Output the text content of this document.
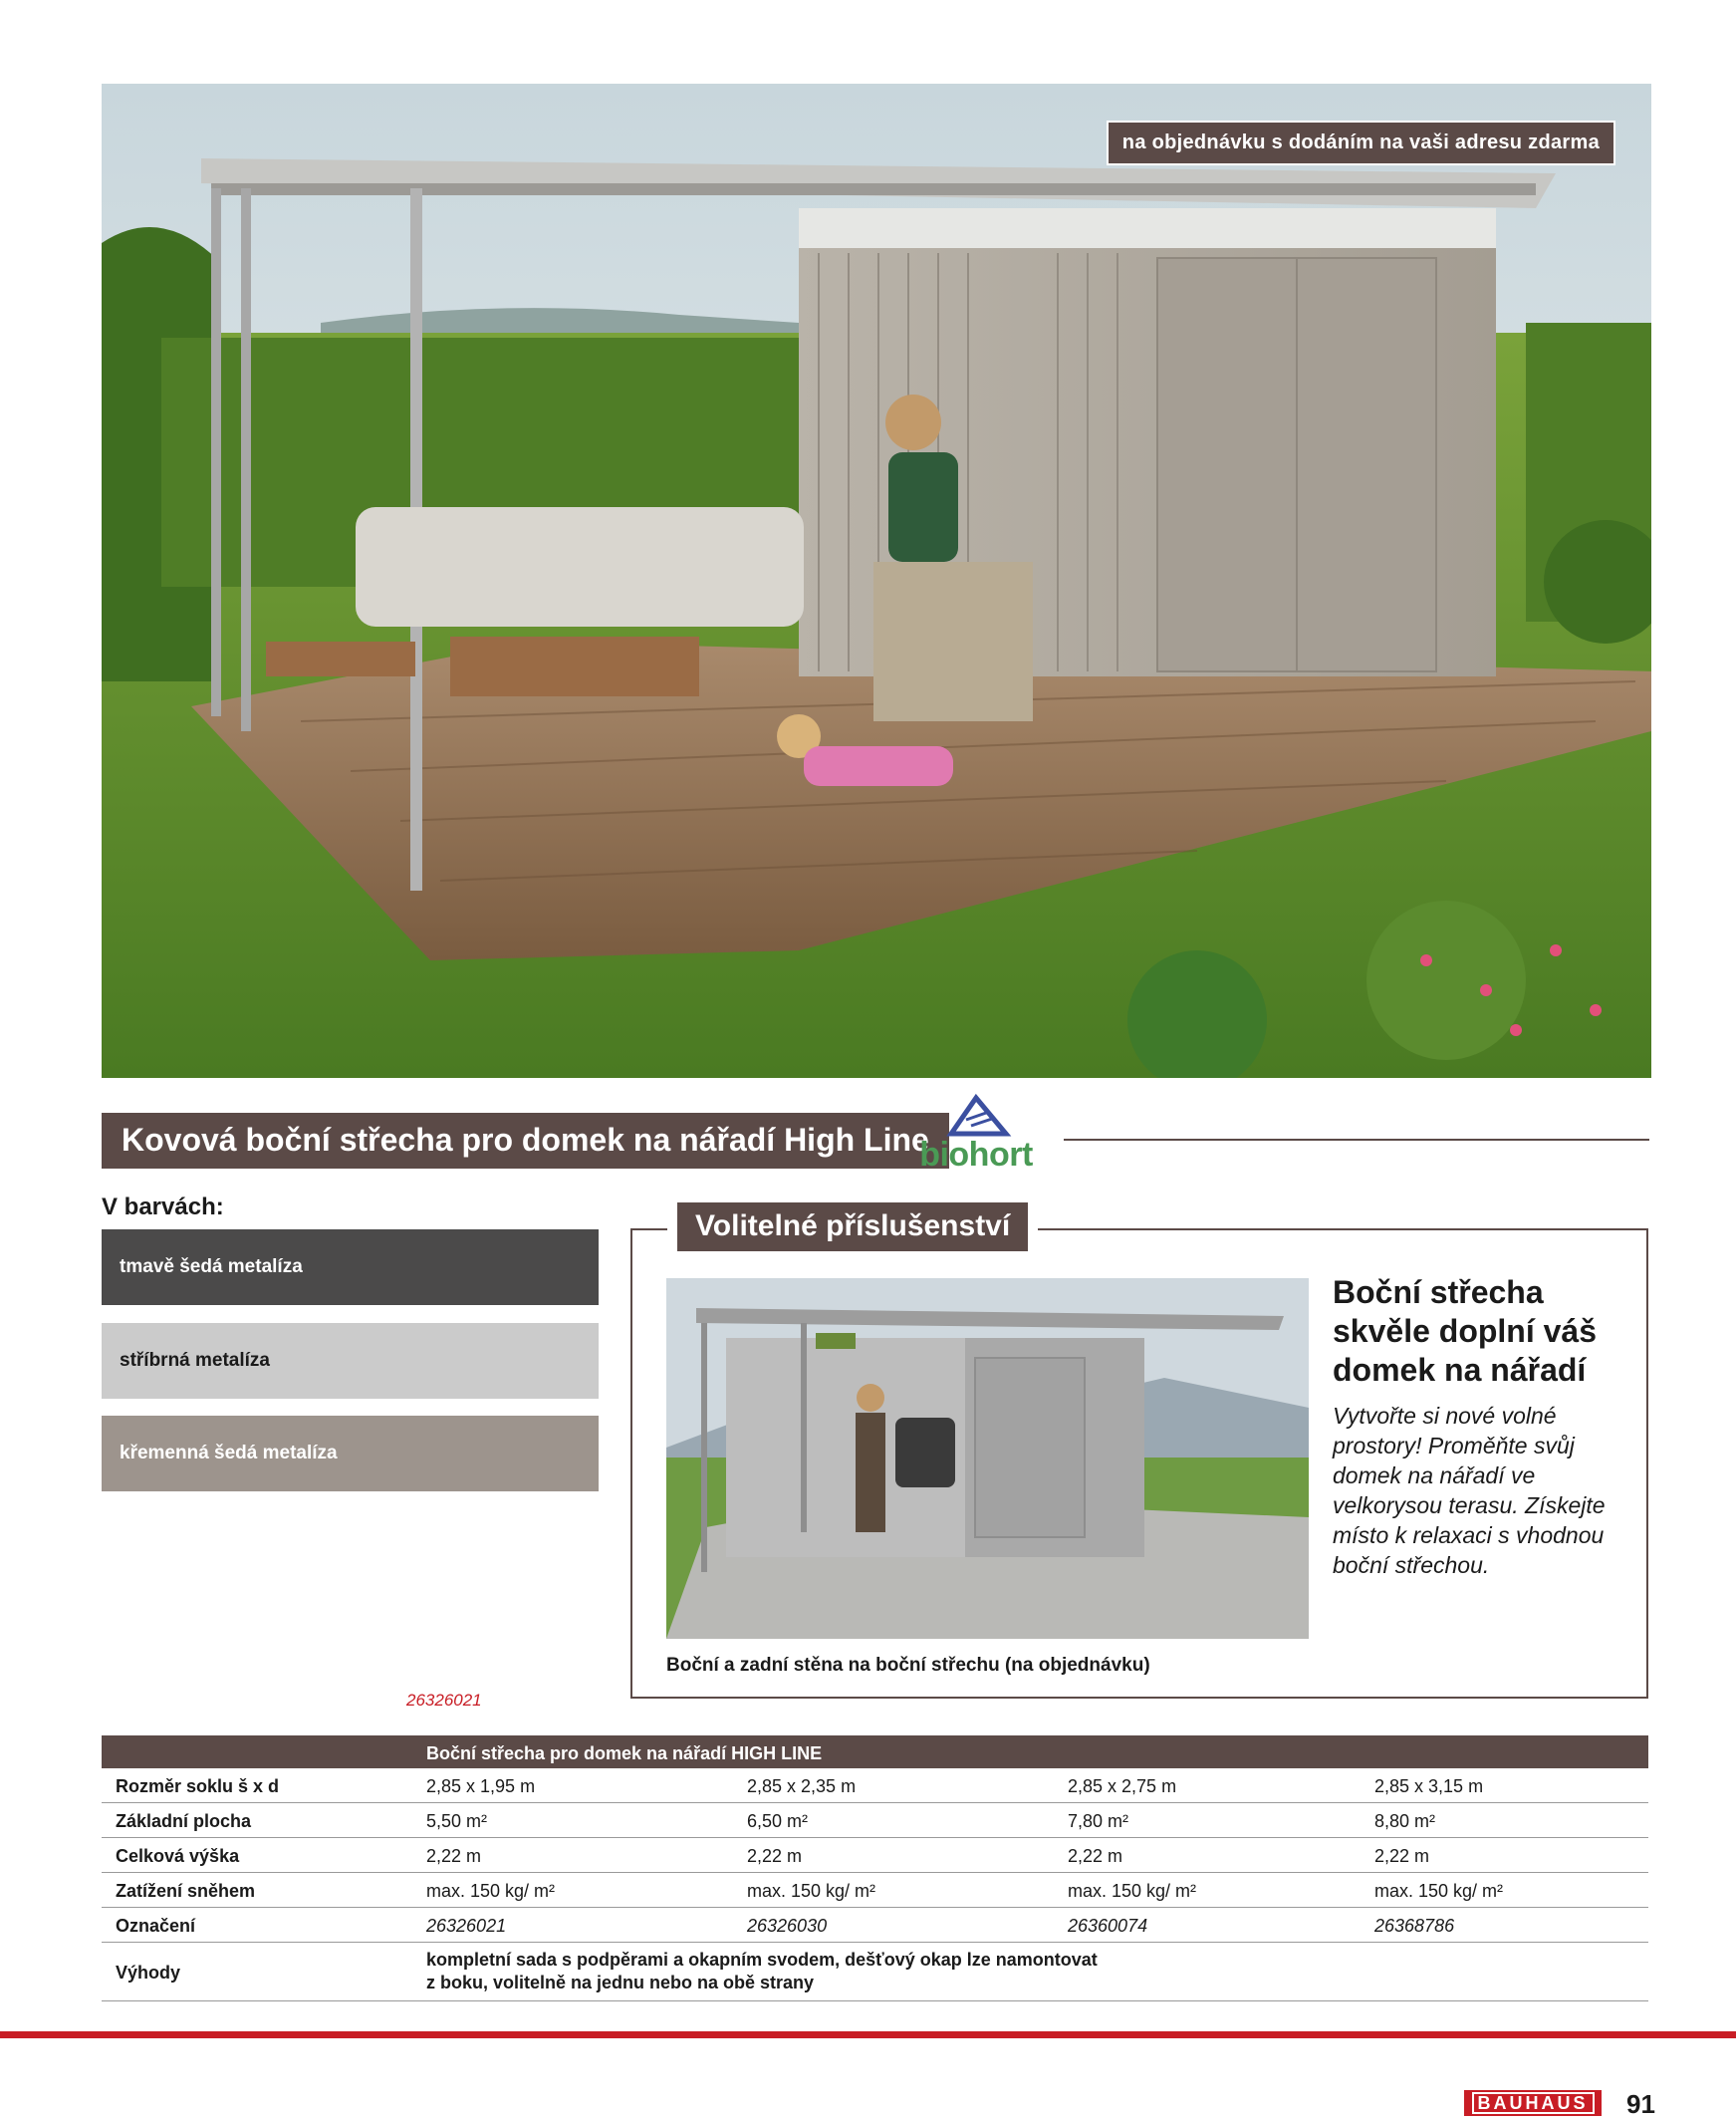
na objednávku s dodáním na vaši adresu zdarma
Kovová boční střecha pro domek na nářadí High Line
biohort
V barvách:
tmavě šedá metalíza
stříbrná metalíza
křemenná šedá metalíza
26326021
Volitelné příslušenství
Boční a zadní stěna na boční střechu (na objednávku)
Boční střecha skvěle doplní váš domek na nářadí
Vytvořte si nové volné prostory! Proměňte svůj domek na nářadí ve velkorysou terasu. Získejte místo k relaxaci s vhodnou boční střechou.
Boční střecha pro domek na nářadí HIGH LINE
Rozměr soklu š x d	2,85 x 1,95 m	2,85 x 2,35 m	2,85 x 2,75 m	2,85 x 3,15 m
Základní plocha	5,50 m²	6,50 m²	7,80 m²	8,80 m²
Celková výška	2,22 m	2,22 m	2,22 m	2,22 m
Zatížení sněhem	max. 150 kg/ m²	max. 150 kg/ m²	max. 150 kg/ m²	max. 150 kg/ m²
Označení	26326021	26326030	26360074	26368786
Výhody
kompletní sada s podpěrami a okapním svodem, dešťový okap lze namontovat
z boku, volitelně na jednu nebo na obě strany
BAUHAUS 91
